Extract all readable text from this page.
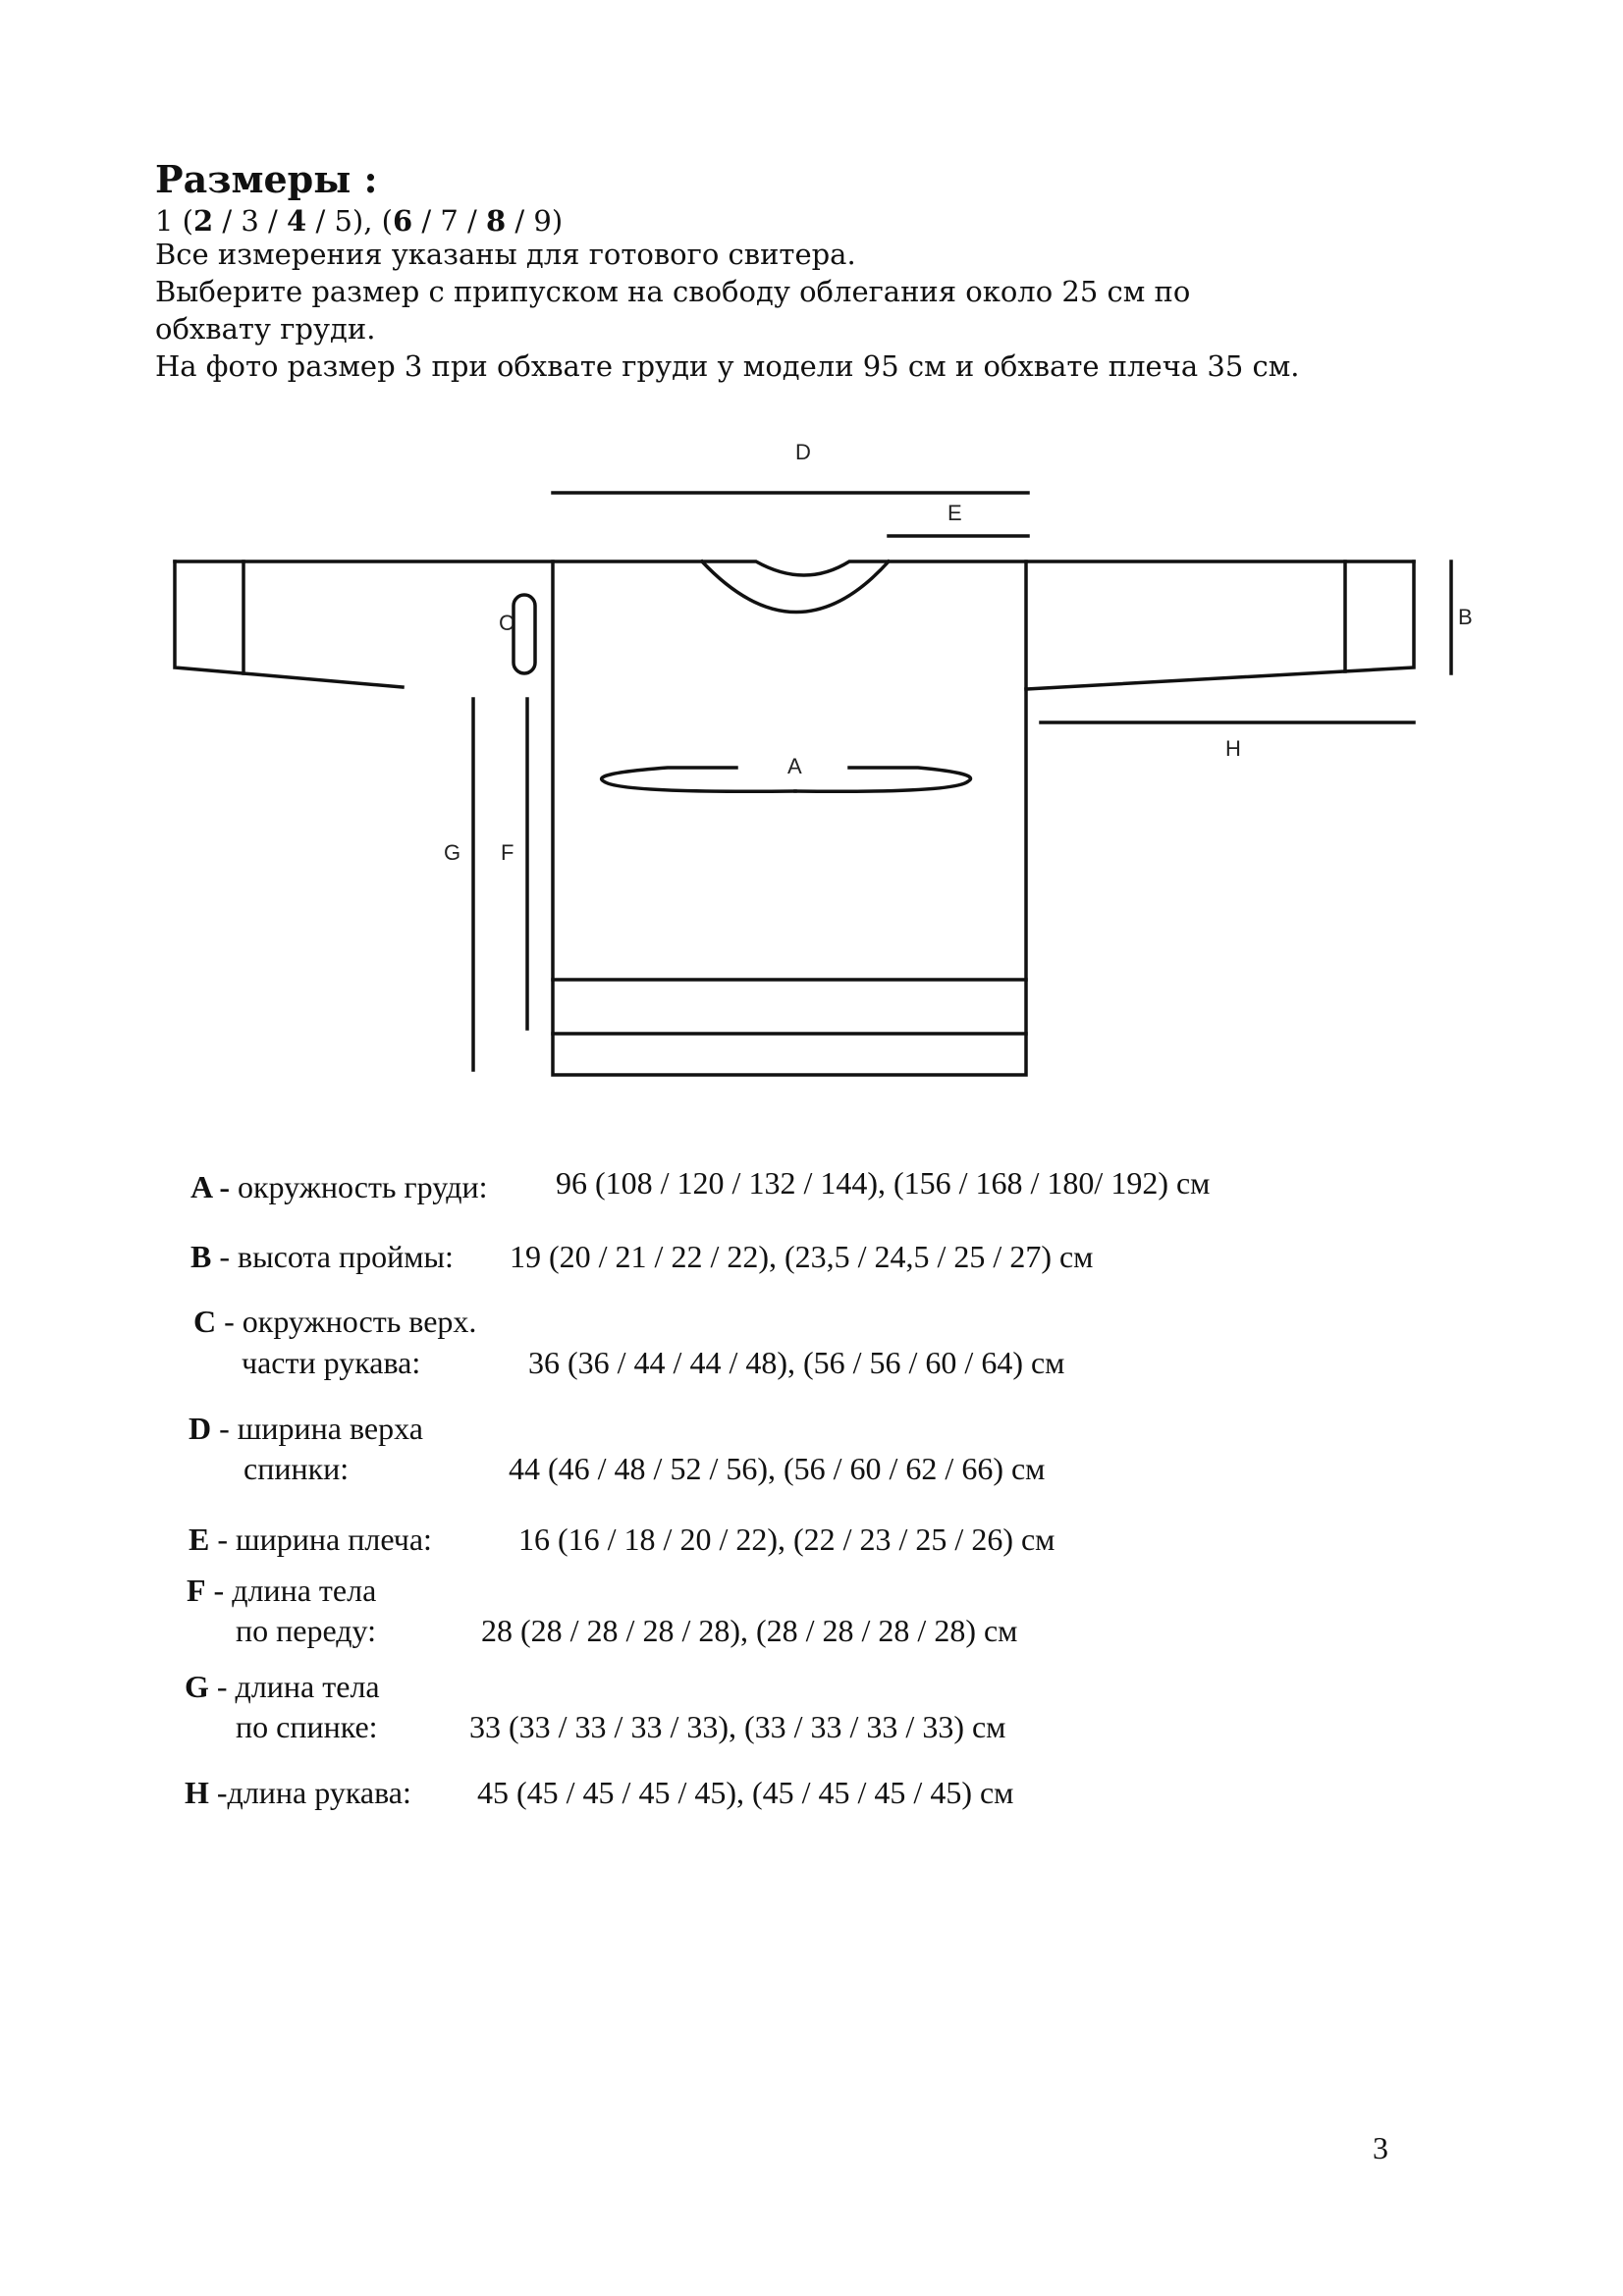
Размеры :
1 (2 / 3 / 4 / 5), (6 / 7 / 8 / 9)
Все измерения указаны для готового свитера.
Выберите размер с припуском на свободу облегания около 25 см по обхвату груди.
На фото размер 3 при обхвате груди у модели 95 см и обхвате плеча 35 см.
D
E
B
C
H
A
G F
A - окружность груди: 96 (108 / 120 / 132 / 144), (156 / 168 / 180/ 192) см
B - высота проймы: 19 (20 / 21 / 22 / 22), (23,5 / 24,5 / 25 / 27) см
C - окружность верх.
части рукава:	36 (36 / 44 / 44 / 48), (56 / 56 / 60 / 64) см
D - ширина верха
спинки:	44 (46 / 48 / 52 / 56), (56 / 60 / 62 / 66) см
E - ширина плеча:	16 (16 / 18 / 20 / 22), (22 / 23 / 25 / 26) см
F - длина тела
по переду:	28 (28 / 28 / 28 / 28), (28 / 28 / 28 / 28) см
G - длина тела
по спинке:	33 (33 / 33 / 33 / 33), (33 / 33 / 33 / 33) см
H -длина рукава: 45 (45 / 45 / 45 / 45), (45 / 45 / 45 / 45) см
3
